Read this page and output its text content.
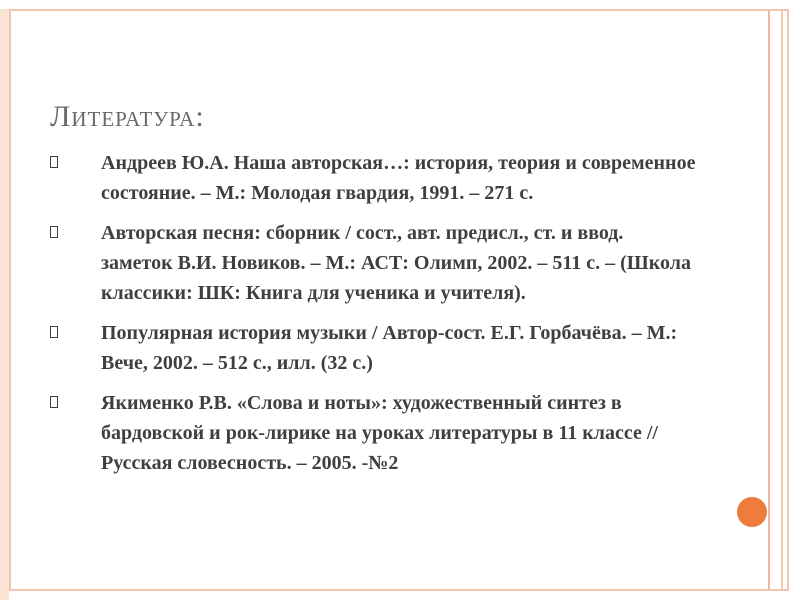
Литература:
Андреев Ю.А. Наша авторская…: история, теория и современное состояние. – М.: Молодая гвардия, 1991. – 271 с.
Авторская песня: сборник / сост., авт. предисл., ст. и ввод. заметок В.И. Новиков. – М.: АСТ: Олимп, 2002. – 511 с. – (Школа классики: ШК: Книга для ученика и учителя).
Популярная история музыки / Автор-сост. Е.Г. Горбачёва. – М.: Вече, 2002. – 512 с., илл. (32 с.)
Якименко Р.В. «Слова и ноты»: художественный синтез в бардовской и рок-лирике на уроках литературы в 11 классе // Русская словесность. – 2005. -№2
